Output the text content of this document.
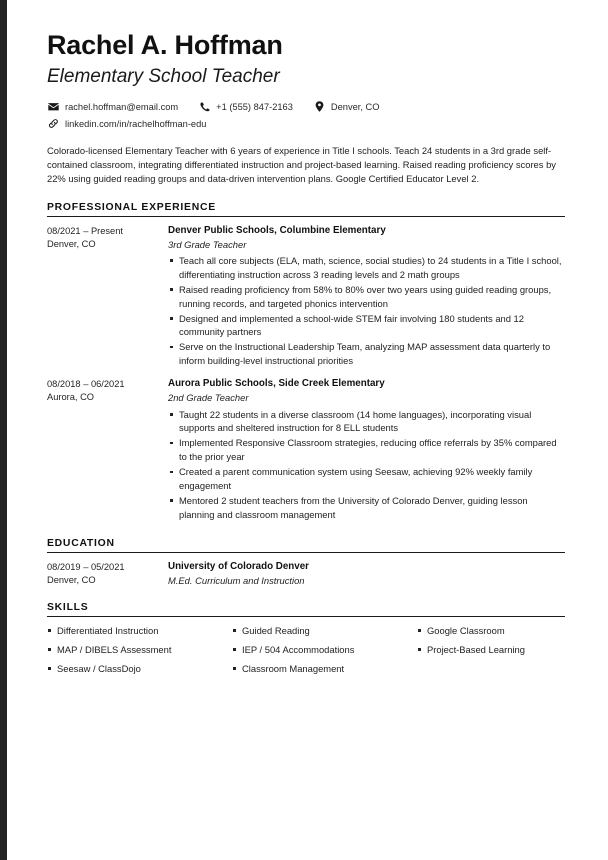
Rachel A. Hoffman
Elementary School Teacher
rachel.hoffman@email.com	+1 (555) 847-2163	Denver, CO
linkedin.com/in/rachelhoffman-edu
Colorado-licensed Elementary Teacher with 6 years of experience in Title I schools. Teach 24 students in a 3rd grade self-contained classroom, integrating differentiated instruction and project-based learning. Raised reading proficiency scores by 22% using guided reading groups and data-driven intervention plans. Google Certified Educator Level 2.
PROFESSIONAL EXPERIENCE
08/2021 – Present
Denver, CO
Denver Public Schools, Columbine Elementary
3rd Grade Teacher
Teach all core subjects (ELA, math, science, social studies) to 24 students in a Title I school, differentiating instruction across 3 reading levels and 2 math groups
Raised reading proficiency from 58% to 80% over two years using guided reading groups, running records, and targeted phonics intervention
Designed and implemented a school-wide STEM fair involving 180 students and 12 community partners
Serve on the Instructional Leadership Team, analyzing MAP assessment data quarterly to inform building-level instructional priorities
08/2018 – 06/2021
Aurora, CO
Aurora Public Schools, Side Creek Elementary
2nd Grade Teacher
Taught 22 students in a diverse classroom (14 home languages), incorporating visual supports and sheltered instruction for 8 ELL students
Implemented Responsive Classroom strategies, reducing office referrals by 35% compared to the prior year
Created a parent communication system using Seesaw, achieving 92% weekly family engagement
Mentored 2 student teachers from the University of Colorado Denver, guiding lesson planning and classroom management
EDUCATION
08/2019 – 05/2021
Denver, CO
University of Colorado Denver
M.Ed. Curriculum and Instruction
SKILLS
Differentiated Instruction
MAP / DIBELS Assessment
Seesaw / ClassDojo
Guided Reading
IEP / 504 Accommodations
Classroom Management
Google Classroom
Project-Based Learning
